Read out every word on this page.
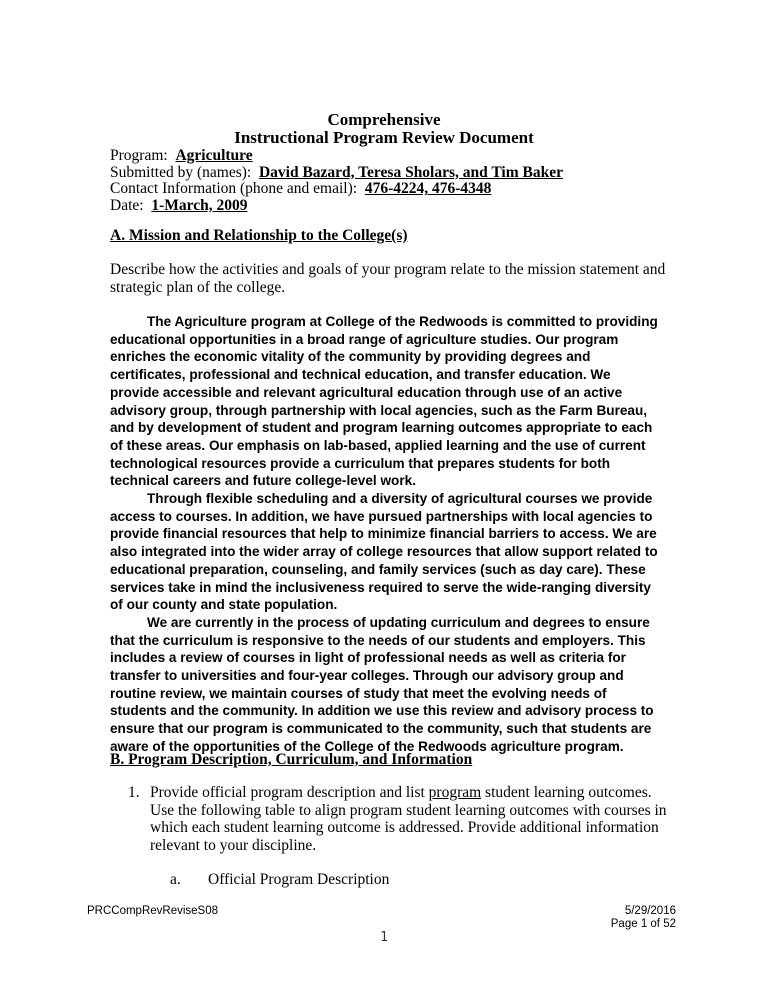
Comprehensive
Instructional Program Review Document
Program: Agriculture
Submitted by (names): David Bazard, Teresa Sholars, and Tim Baker
Contact Information (phone and email): 476-4224, 476-4348
Date: 1-March, 2009
A. Mission and Relationship to the College(s)
Describe how the activities and goals of your program relate to the mission statement and strategic plan of the college.

The Agriculture program at College of the Redwoods is committed to providing educational opportunities in a broad range of agriculture studies. Our program enriches the economic vitality of the community by providing degrees and certificates, professional and technical education, and transfer education. We provide accessible and relevant agricultural education through use of an active advisory group, through partnership with local agencies, such as the Farm Bureau, and by development of student and program learning outcomes appropriate to each of these areas. Our emphasis on lab-based, applied learning and the use of current technological resources provide a curriculum that prepares students for both technical careers and future college-level work.

Through flexible scheduling and a diversity of agricultural courses we provide access to courses. In addition, we have pursued partnerships with local agencies to provide financial resources that help to minimize financial barriers to access. We are also integrated into the wider array of college resources that allow support related to educational preparation, counseling, and family services (such as day care). These services take in mind the inclusiveness required to serve the wide-ranging diversity of our county and state population.

We are currently in the process of updating curriculum and degrees to ensure that the curriculum is responsive to the needs of our students and employers. This includes a review of courses in light of professional needs as well as criteria for transfer to universities and four-year colleges. Through our advisory group and routine review, we maintain courses of study that meet the evolving needs of students and the community. In addition we use this review and advisory process to ensure that our program is communicated to the community, such that students are aware of the opportunities of the College of the Redwoods agriculture program.

B. Program Description, Curriculum, and Information
1. Provide official program description and list program student learning outcomes. Use the following table to align program student learning outcomes with courses in which each student learning outcome is addressed. Provide additional information relevant to your discipline.
a. Official Program Description
PRCCompRevReviseS08	5/29/2016
Page 1 of 52
1
